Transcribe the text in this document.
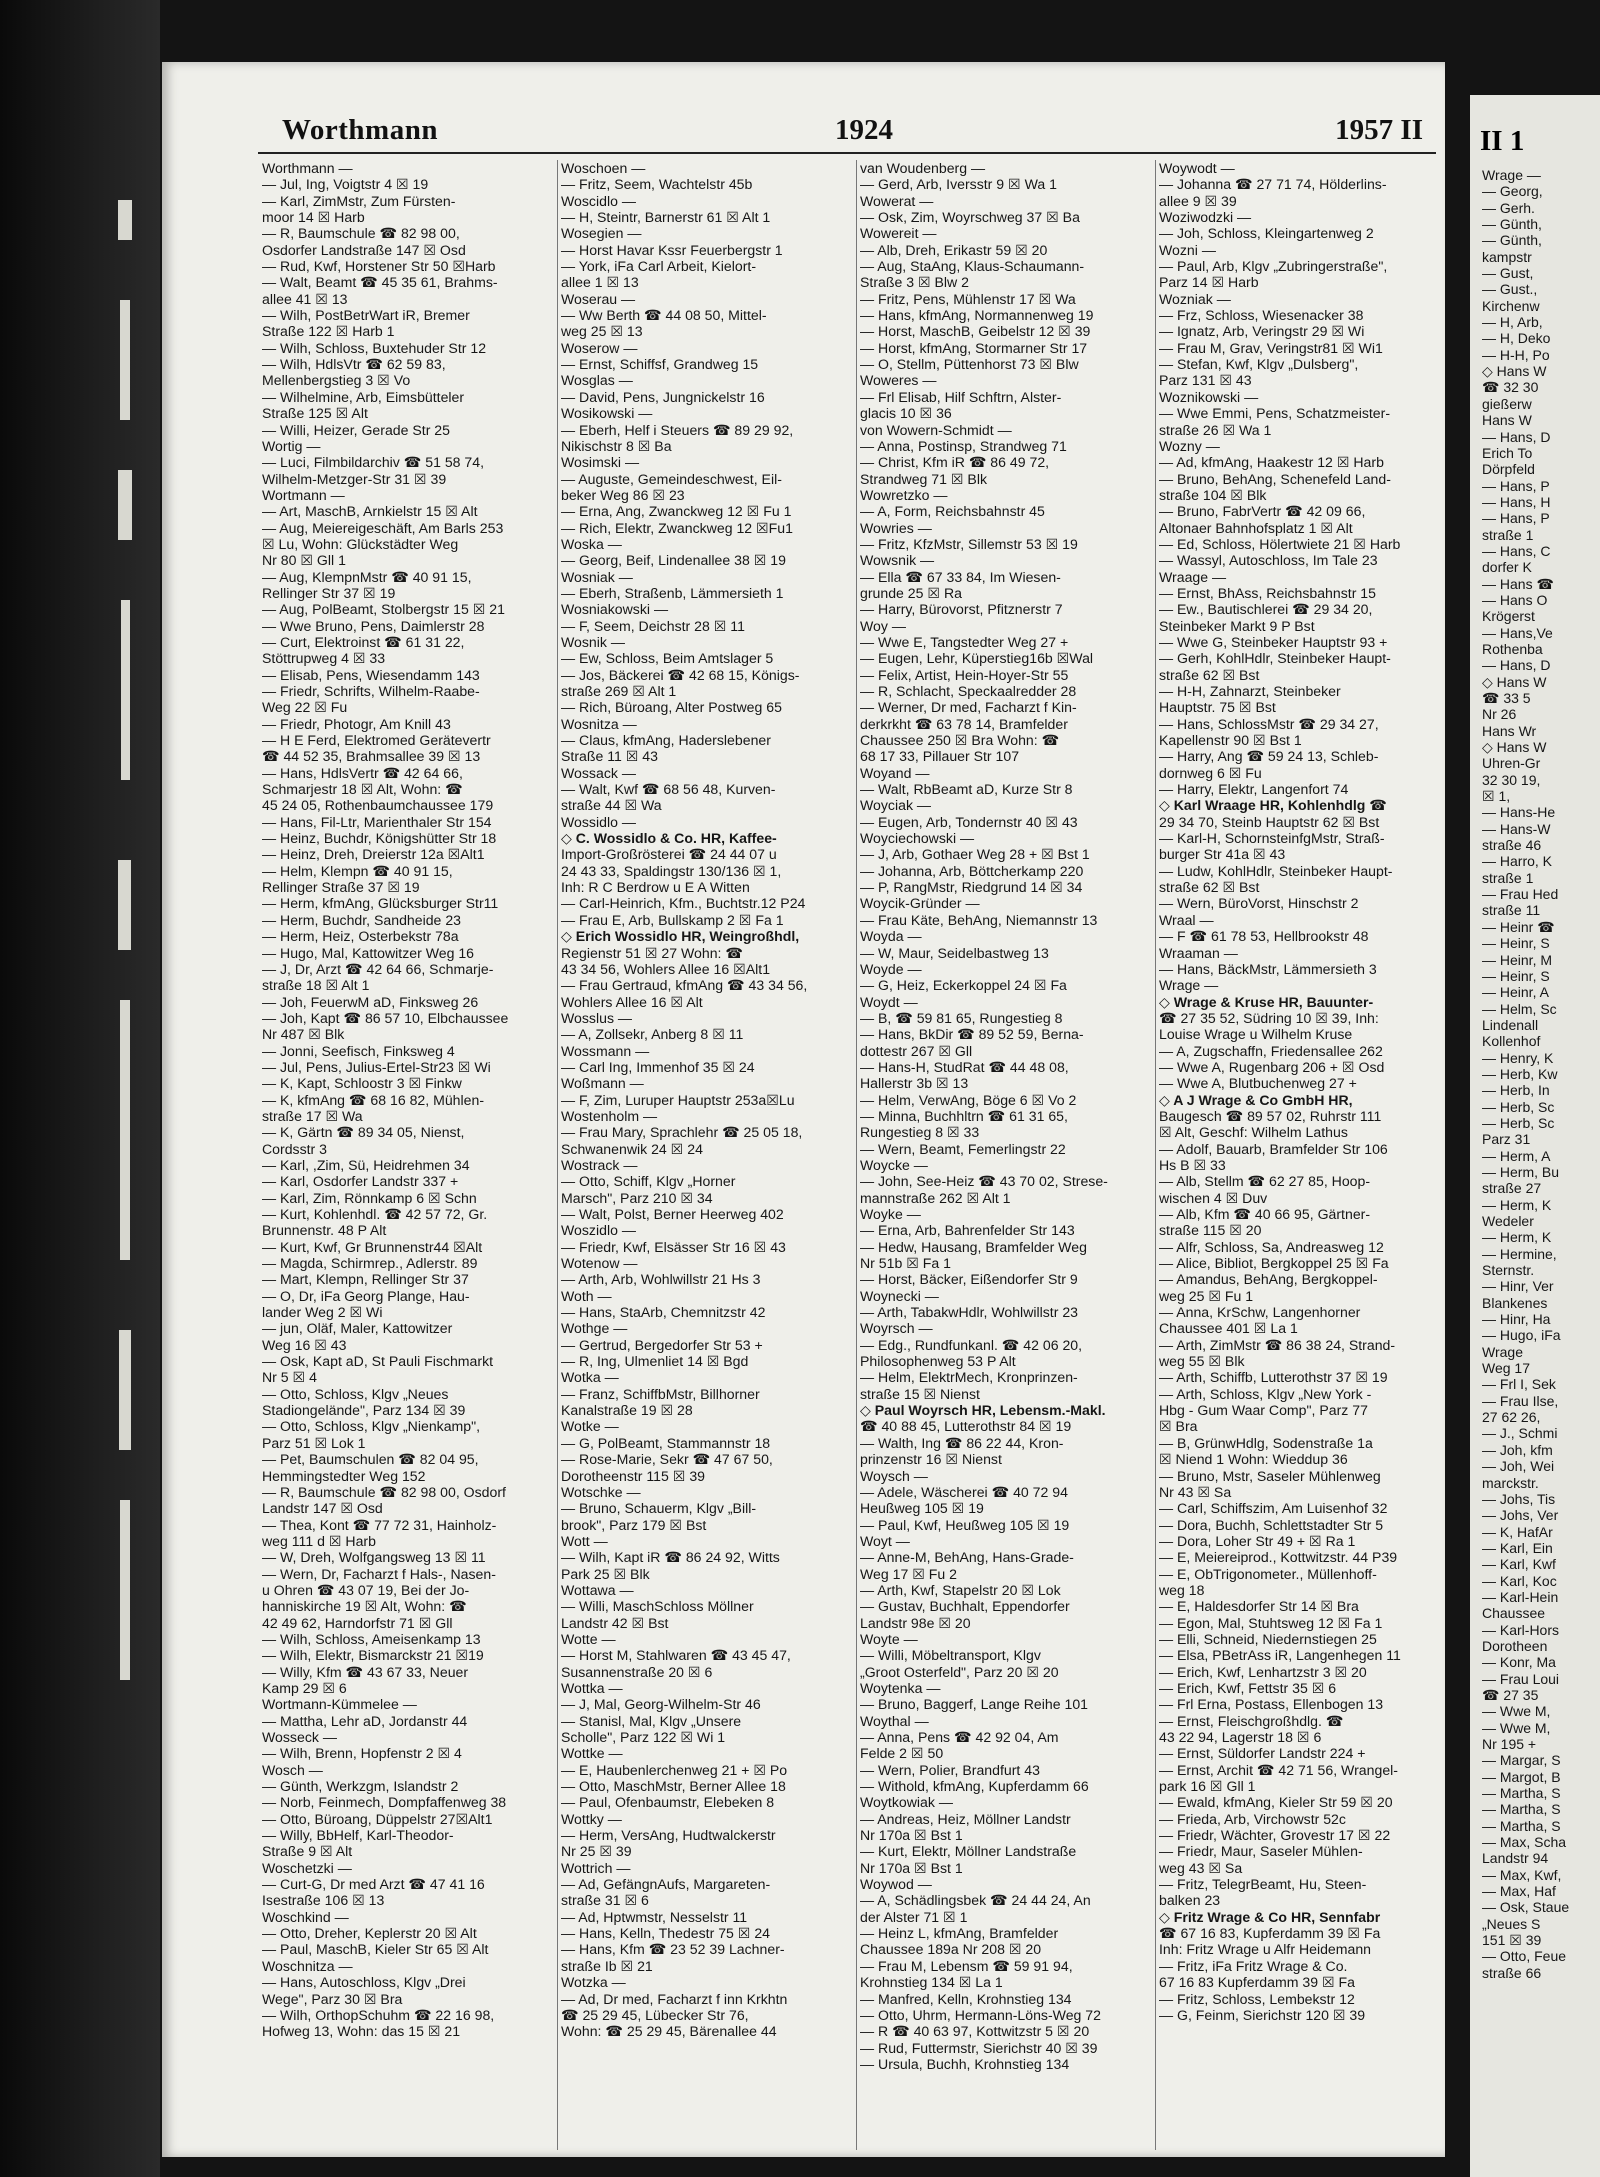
Worthmann	1924	1957 II
Worthmann —
— Jul, Ing, Voigtstr 4 ☒ 19
— Karl, ZimMstr, Zum Fürsten-
moor 14 ☒ Harb
— R, Baumschule ☎ 82 98 00,
Osdorfer Landstraße 147 ☒ Osd
— Rud, Kwf, Horstener Str 50 ☒Harb
— Walt, Beamt ☎ 45 35 61, Brahms-
allee 41 ☒ 13
— Wilh, PostBetrWart iR, Bremer
Straße 122 ☒ Harb 1
— Wilh, Schloss, Buxtehuder Str 12
— Wilh, HdlsVtr ☎ 62 59 83,
Mellenbergstieg 3 ☒ Vo
— Wilhelmine, Arb, Eimsbütteler
Straße 125 ☒ Alt
— Willi, Heizer, Gerade Str 25
Wortig —
— Luci, Filmbildarchiv ☎ 51 58 74,
Wilhelm-Metzger-Str 31 ☒ 39
Wortmann —
— Art, MaschB, Arnkielstr 15 ☒ Alt
— Aug, Meiereigeschäft, Am Barls 253
☒ Lu, Wohn: Glückstädter Weg
Nr 80 ☒ Gll 1
— Aug, KlempnMstr ☎ 40 91 15,
Rellinger Str 37 ☒ 19
— Aug, PolBeamt, Stolbergstr 15 ☒ 21
— Wwe Bruno, Pens, Daimlerstr 28
— Curt, Elektroinst ☎ 61 31 22,
Stöttrupweg 4 ☒ 33
— Elisab, Pens, Wiesendamm 143
— Friedr, Schrifts, Wilhelm-Raabe-
Weg 22 ☒ Fu
— Friedr, Photogr, Am Knill 43
— H E Ferd, Elektromed Gerätevertr
☎ 44 52 35, Brahmsallee 39 ☒ 13
— Hans, HdlsVertr ☎ 42 64 66,
Schmarjestr 18 ☒ Alt, Wohn: ☎
45 24 05, Rothenbaumchaussee 179
— Hans, Fil-Ltr, Marienthaler Str 154
— Heinz, Buchdr, Königshütter Str 18
— Heinz, Dreh, Dreierstr 12a ☒Alt1
— Helm, Klempn ☎ 40 91 15,
Rellinger Straße 37 ☒ 19
— Herm, kfmAng, Glücksburger Str11
— Herm, Buchdr, Sandheide 23
— Herm, Heiz, Osterbekstr 78a
— Hugo, Mal, Kattowitzer Weg 16
— J, Dr, Arzt ☎ 42 64 66, Schmarje-
straße 18 ☒ Alt 1
— Joh, FeuerwM aD, Finksweg 26
— Joh, Kapt ☎ 86 57 10, Elbchaussee
Nr 487 ☒ Blk
— Jonni, Seefisch, Finksweg 4
— Jul, Pens, Julius-Ertel-Str23 ☒ Wi
— K, Kapt, Schloostr 3 ☒ Finkw
— K, kfmAng ☎ 68 16 82, Mühlen-
straße 17 ☒ Wa
— K, Gärtn ☎ 89 34 05, Nienst,
Cordsstr 3
— Karl, ,Zim, Sü, Heidrehmen 34
— Karl, Osdorfer Landstr 337 +
— Karl, Zim, Rönnkamp 6 ☒ Schn
— Kurt, Kohlenhdl. ☎ 42 57 72, Gr.
Brunnenstr. 48 P Alt
— Kurt, Kwf, Gr Brunnenstr44 ☒Alt
— Magda, Schirmrep., Adlerstr. 89
— Mart, Klempn, Rellinger Str 37
— O, Dr, iFa Georg Plange, Hau-
lander Weg 2 ☒ Wi
— jun, Oläf, Maler, Kattowitzer
Weg 16 ☒ 43
— Osk, Kapt aD, St Pauli Fischmarkt
Nr 5 ☒ 4
— Otto, Schloss, Klgv „Neues
Stadiongelände", Parz 134 ☒ 39
— Otto, Schloss, Klgv „Nienkamp",
Parz 51 ☒ Lok 1
— Pet, Baumschulen ☎ 82 04 95,
Hemmingstedter Weg 152
— R, Baumschule ☎ 82 98 00, Osdorf
Landstr 147 ☒ Osd
— Thea, Kont ☎ 77 72 31, Hainholz-
weg 111 d ☒ Harb
— W, Dreh, Wolfgangsweg 13 ☒ 11
— Wern, Dr, Facharzt f Hals-, Nasen-
u Ohren ☎ 43 07 19, Bei der Jo-
hanniskirche 19 ☒ Alt, Wohn: ☎
42 49 62, Harndorfstr 71 ☒ Gll
— Wilh, Schloss, Ameisenkamp 13
— Wilh, Elektr, Bismarckstr 21 ☒19
— Willy, Kfm ☎ 43 67 33, Neuer
Kamp 29 ☒ 6
Wortmann-Kümmelee —
— Mattha, Lehr aD, Jordanstr 44
Wosseck —
— Wilh, Brenn, Hopfenstr 2 ☒ 4
Wosch —
— Günth, Werkzgm, Islandstr 2
— Norb, Feinmech, Dompfaffenweg 38
— Otto, Büroang, Düppelstr 27☒Alt1
— Willy, BbHelf, Karl-Theodor-
Straße 9 ☒ Alt
Woschetzki —
— Curt-G, Dr med Arzt ☎ 47 41 16
Isestraße 106 ☒ 13
Woschkind —
— Otto, Dreher, Keplerstr 20 ☒ Alt
— Paul, MaschB, Kieler Str 65 ☒ Alt
Woschnitza —
— Hans, Autoschloss, Klgv „Drei
Wege", Parz 30 ☒ Bra
— Wilh, OrthopSchuhm ☎ 22 16 98,
Hofweg 13, Wohn: das 15 ☒ 21
Woschoen —
— Fritz, Seem, Wachtelstr 45b
Woscidlo —
— H, Steintr, Barnerstr 61 ☒ Alt 1
Wosegien —
— Horst Havar Kssr Feuerbergstr 1
— York, iFa Carl Arbeit, Kielort-
allee 1 ☒ 13
Woserau —
— Ww Berth ☎ 44 08 50, Mittel-
weg 25 ☒ 13
Woserow —
— Ernst, Schiffsf, Grandweg 15
Wosglas —
— David, Pens, Jungnickelstr 16
Wosikowski —
— Eberh, Helf i Steuers ☎ 89 29 92,
Nikischstr 8 ☒ Ba
Wosimski —
— Auguste, Gemeindeschwest, Eil-
beker Weg 86 ☒ 23
— Erna, Ang, Zwanckweg 12 ☒ Fu 1
— Rich, Elektr, Zwanckweg 12 ☒Fu1
Woska —
— Georg, Beif, Lindenallee 38 ☒ 19
Wosniak —
— Eberh, Straßenb, Lämmersieth 1
Wosniakowski —
— F, Seem, Deichstr 28 ☒ 11
Wosnik —
— Ew, Schloss, Beim Amtslager 5
— Jos, Bäckerei ☎ 42 68 15, Königs-
straße 269 ☒ Alt 1
— Rich, Büroang, Alter Postweg 65
Wosnitza —
— Claus, kfmAng, Haderslebener
Straße 11 ☒ 43
Wossack —
— Walt, Kwf ☎ 68 56 48, Kurven-
straße 44 ☒ Wa
Wossidlo —
◇ C. Wossidlo & Co. HR, Kaffee-
Import-Großrösterei ☎ 24 44 07 u
24 43 33, Spaldingstr 130/136 ☒ 1,
Inh: R C Berdrow u E A Witten
— Carl-Heinrich, Kfm., Buchtstr.12 P24
— Frau E, Arb, Bullskamp 2 ☒ Fa 1
◇ Erich Wossidlo HR, Weingroßhdl,
Regienstr 51 ☒ 27 Wohn: ☎
43 34 56, Wohlers Allee 16 ☒Alt1
— Frau Gertraud, kfmAng ☎ 43 34 56,
Wohlers Allee 16 ☒ Alt
Wosslus —
— A, Zollsekr, Anberg 8 ☒ 11
Wossmann —
— Carl Ing, Immenhof 35 ☒ 24
Woßmann —
— F, Zim, Luruper Hauptstr 253a☒Lu
Wostenholm —
— Frau Mary, Sprachlehr ☎ 25 05 18,
Schwanenwik 24 ☒ 24
Wostrack —
— Otto, Schiff, Klgv „Horner
Marsch", Parz 210 ☒ 34
— Walt, Polst, Berner Heerweg 402
Woszidlo —
— Friedr, Kwf, Elsässer Str 16 ☒ 43
Wotenow —
— Arth, Arb, Wohlwillstr 21 Hs 3
Woth —
— Hans, StaArb, Chemnitzstr 42
Wothge —
— Gertrud, Bergedorfer Str 53 +
— R, Ing, Ulmenliet 14 ☒ Bgd
Wotka —
— Franz, SchiffbMstr, Billhorner
Kanalstraße 19 ☒ 28
Wotke —
— G, PolBeamt, Stammannstr 18
— Rose-Marie, Sekr ☎ 47 67 50,
Dorotheenstr 115 ☒ 39
Wotschke —
— Bruno, Schauerm, Klgv „Bill-
brook", Parz 179 ☒ Bst
Wott —
— Wilh, Kapt iR ☎ 86 24 92, Witts
Park 25 ☒ Blk
Wottawa —
— Willi, MaschSchloss Möllner
Landstr 42 ☒ Bst
Wotte —
— Horst M, Stahlwaren ☎ 43 45 47,
Susannenstraße 20 ☒ 6
Wottka —
— J, Mal, Georg-Wilhelm-Str 46
— Stanisl, Mal, Klgv „Unsere
Scholle", Parz 122 ☒ Wi 1
Wottke —
— E, Haubenlerchenweg 21 + ☒ Po
— Otto, MaschMstr, Berner Allee 18
— Paul, Ofenbaumstr, Elebeken 8
Wottky —
— Herm, VersAng, Hudtwalckerstr
Nr 25 ☒ 39
Wottrich —
— Ad, GefängnAufs, Margareten-
straße 31 ☒ 6
— Ad, Hptwmstr, Nesselstr 11
— Hans, Kelln, Thedestr 75 ☒ 24
— Hans, Kfm ☎ 23 52 39 Lachner-
straße Ib ☒ 21
Wotzka —
— Ad, Dr med, Facharzt f inn Krkhtn
☎ 25 29 45, Lübecker Str 76,
Wohn: ☎ 25 29 45, Bärenallee 44
van Woudenberg —
— Gerd, Arb, Iversstr 9 ☒ Wa 1
Wowerat —
— Osk, Zim, Woyrschweg 37 ☒ Ba
Wowereit —
— Alb, Dreh, Erikastr 59 ☒ 20
— Aug, StaAng, Klaus-Schaumann-
Straße 3 ☒ Blw 2
— Fritz, Pens, Mühlenstr 17 ☒ Wa
— Hans, kfmAng, Normannenweg 19
— Horst, MaschB, Geibelstr 12 ☒ 39
— Horst, kfmAng, Stormarner Str 17
— O, Stellm, Püttenhorst 73 ☒ Blw
Woweres —
— Frl Elisab, Hilf Schftrn, Alster-
glacis 10 ☒ 36
von Wowern-Schmidt —
— Anna, Postinsp, Strandweg 71
— Christ, Kfm iR ☎ 86 49 72,
Strandweg 71 ☒ Blk
Wowretzko —
— A, Form, Reichsbahnstr 45
Wowries —
— Fritz, KfzMstr, Sillemstr 53 ☒ 19
Wowsnik —
— Ella ☎ 67 33 84, Im Wiesen-
grunde 25 ☒ Ra
— Harry, Bürovorst, Pfitznerstr 7
Woy —
— Wwe E, Tangstedter Weg 27 +
— Eugen, Lehr, Küperstieg16b ☒Wal
— Felix, Artist, Hein-Hoyer-Str 55
— R, Schlacht, Speckaalredder 28
— Werner, Dr med, Facharzt f Kin-
derkrkht ☎ 63 78 14, Bramfelder
Chaussee 250 ☒ Bra Wohn: ☎
68 17 33, Pillauer Str 107
Woyand —
— Walt, RbBeamt aD, Kurze Str 8
Woyciak —
— Eugen, Arb, Tondernstr 40 ☒ 43
Woyciechowski —
— J, Arb, Gothaer Weg 28 + ☒ Bst 1
— Johanna, Arb, Böttcherkamp 220
— P, RangMstr, Riedgrund 14 ☒ 34
Woycik-Gründer —
— Frau Käte, BehAng, Niemannstr 13
Woyda —
— W, Maur, Seidelbastweg 13
Woyde —
— G, Heiz, Eckerkoppel 24 ☒ Fa
Woydt —
— B, ☎ 59 81 65, Rungestieg 8
— Hans, BkDir ☎ 89 52 59, Berna-
dottestr 267 ☒ Gll
— Hans-H, StudRat ☎ 44 48 08,
Hallerstr 3b ☒ 13
— Helm, VerwAng, Böge 6 ☒ Vo 2
— Minna, Buchhltrn ☎ 61 31 65,
Rungestieg 8 ☒ 33
— Wern, Beamt, Femerlingstr 22
Woycke —
— John, See-Heiz ☎ 43 70 02, Strese-
mannstraße 262 ☒ Alt 1
Woyke —
— Erna, Arb, Bahrenfelder Str 143
— Hedw, Hausang, Bramfelder Weg
Nr 51b ☒ Fa 1
— Horst, Bäcker, Eißendorfer Str 9
Woynecki —
— Arth, TabakwHdlr, Wohlwillstr 23
Woyrsch —
— Edg., Rundfunkanl. ☎ 42 06 20,
Philosophenweg 53 P Alt
— Helm, ElektrMech, Kronprinzen-
straße 15 ☒ Nienst
◇ Paul Woyrsch HR, Lebensm.-Makl.
☎ 40 88 45, Lutterothstr 84 ☒ 19
— Walth, Ing ☎ 86 22 44, Kron-
prinzenstr 16 ☒ Nienst
Woysch —
— Adele, Wäscherei ☎ 40 72 94
Heußweg 105 ☒ 19
— Paul, Kwf, Heußweg 105 ☒ 19
Woyt —
— Anne-M, BehAng, Hans-Grade-
Weg 17 ☒ Fu 2
— Arth, Kwf, Stapelstr 20 ☒ Lok
— Gustav, Buchhalt, Eppendorfer
Landstr 98e ☒ 20
Woyte —
— Willi, Möbeltransport, Klgv
„Groot Osterfeld", Parz 20 ☒ 20
Woytenka —
— Bruno, Baggerf, Lange Reihe 101
Woythal —
— Anna, Pens ☎ 42 92 04, Am
Felde 2 ☒ 50
— Wern, Polier, Brandfurt 43
— Withold, kfmAng, Kupferdamm 66
Woytkowiak —
— Andreas, Heiz, Möllner Landstr
Nr 170a ☒ Bst 1
— Kurt, Elektr, Möllner Landstraße
Nr 170a ☒ Bst 1
Woywod —
— A, Schädlingsbek ☎ 24 44 24, An
der Alster 71 ☒ 1
— Heinz L, kfmAng, Bramfelder
Chaussee 189a Nr 208 ☒ 20
— Frau M, Lebensm ☎ 59 91 94,
Krohnstieg 134 ☒ La 1
— Manfred, Kelln, Krohnstieg 134
— Otto, Uhrm, Hermann-Löns-Weg 72
— R ☎ 40 63 97, Kottwitzstr 5 ☒ 20
— Rud, Futtermstr, Sierichstr 40 ☒ 39
— Ursula, Buchh, Krohnstieg 134
Woywodt —
— Johanna ☎ 27 71 74, Hölderlins-
allee 9 ☒ 39
Woziwodzki —
— Joh, Schloss, Kleingartenweg 2
Wozni —
— Paul, Arb, Klgv „Zubringerstraße",
Parz 14 ☒ Harb
Wozniak —
— Frz, Schloss, Wiesenacker 38
— Ignatz, Arb, Veringstr 29 ☒ Wi
— Frau M, Grav, Veringstr81 ☒ Wi1
— Stefan, Kwf, Klgv „Dulsberg",
Parz 131 ☒ 43
Woznikowski —
— Wwe Emmi, Pens, Schatzmeister-
straße 26 ☒ Wa 1
Wozny —
— Ad, kfmAng, Haakestr 12 ☒ Harb
— Bruno, BehAng, Schenefeld Land-
straße 104 ☒ Blk
— Bruno, FabrVertr ☎ 42 09 66,
Altonaer Bahnhofsplatz 1 ☒ Alt
— Ed, Schloss, Hölertwiete 21 ☒ Harb
— Wassyl, Autoschloss, Im Tale 23
Wraage —
— Ernst, BhAss, Reichsbahnstr 15
— Ew., Bautischlerei ☎ 29 34 20,
Steinbeker Markt 9 P Bst
— Wwe G, Steinbeker Hauptstr 93 +
— Gerh, KohlHdlr, Steinbeker Haupt-
straße 62 ☒ Bst
— H-H, Zahnarzt, Steinbeker
Hauptstr. 75 ☒ Bst
— Hans, SchlossMstr ☎ 29 34 27,
Kapellenstr 90 ☒ Bst 1
— Harry, Ang ☎ 59 24 13, Schleb-
dornweg 6 ☒ Fu
— Harry, Elektr, Langenfort 74
◇ Karl Wraage HR, Kohlenhdlg ☎
29 34 70, Steinb Hauptstr 62 ☒ Bst
— Karl-H, SchornsteinfgMstr, Straß-
burger Str 41a ☒ 43
— Ludw, KohlHdlr, Steinbeker Haupt-
straße 62 ☒ Bst
— Wern, BüroVorst, Hinschstr 2
Wraal —
— F ☎ 61 78 53, Hellbrookstr 48
Wraaman —
— Hans, BäckMstr, Lämmersieth 3
Wrage —
◇ Wrage & Kruse HR, Bauunter-
☎ 27 35 52, Südring 10 ☒ 39, Inh:
Louise Wrage u Wilhelm Kruse
— A, Zugschaffn, Friedensallee 262
— Wwe A, Rugenbarg 206 + ☒ Osd
— Wwe A, Blutbuchenweg 27 +
◇ A J Wrage & Co GmbH HR,
Baugesch ☎ 89 57 02, Ruhrstr 111
☒ Alt, Geschf: Wilhelm Lathus
— Adolf, Bauarb, Bramfelder Str 106
Hs B ☒ 33
— Alb, Stellm ☎ 62 27 85, Hoop-
wischen 4 ☒ Duv
— Alb, Kfm ☎ 40 66 95, Gärtner-
straße 115 ☒ 20
— Alfr, Schloss, Sa, Andreasweg 12
— Alice, Bibliot, Bergkoppel 25 ☒ Fa
— Amandus, BehAng, Bergkoppel-
weg 25 ☒ Fu 1
— Anna, KrSchw, Langenhorner
Chaussee 401 ☒ La 1
— Arth, ZimMstr ☎ 86 38 24, Strand-
weg 55 ☒ Blk
— Arth, Schiffb, Lutterothstr 37 ☒ 19
— Arth, Schloss, Klgv „New York -
Hbg - Gum Waar Comp", Parz 77
☒ Bra
— B, GrünwHdlg, Sodenstraße 1a
☒ Niend 1 Wohn: Wieddup 36
— Bruno, Mstr, Saseler Mühlenweg
Nr 43 ☒ Sa
— Carl, Schiffszim, Am Luisenhof 32
— Dora, Buchh, Schlettstadter Str 5
— Dora, Loher Str 49 + ☒ Ra 1
— E, Meiereiprod., Kottwitzstr. 44 P39
— E, ObTrigonometer., Müllenhoff-
weg 18
— E, Haldesdorfer Str 14 ☒ Bra
— Egon, Mal, Stuhtsweg 12 ☒ Fa 1
— Elli, Schneid, Niedernstiegen 25
— Elsa, PBetrAss iR, Langenhegen 11
— Erich, Kwf, Lenhartzstr 3 ☒ 20
— Erich, Kwf, Fettstr 35 ☒ 6
— Frl Erna, Postass, Ellenbogen 13
— Ernst, Fleischgroßhdlg. ☎
43 22 94, Lagerstr 18 ☒ 6
— Ernst, Süldorfer Landstr 224 +
— Ernst, Archit ☎ 42 71 56, Wrangel-
park 16 ☒ Gll 1
— Ewald, kfmAng, Kieler Str 59 ☒ 20
— Frieda, Arb, Virchowstr 52c
— Friedr, Wächter, Grovestr 17 ☒ 22
— Friedr, Maur, Saseler Mühlen-
weg 43 ☒ Sa
— Fritz, TelegrBeamt, Hu, Steen-
balken 23
◇ Fritz Wrage & Co HR, Sennfabr
☎ 67 16 83, Kupferdamm 39 ☒ Fa
Inh: Fritz Wrage u Alfr Heidemann
— Fritz, iFa Fritz Wrage & Co.
67 16 83 Kupferdamm 39 ☒ Fa
— Fritz, Schloss, Lembekstr 12
— G, Feinm, Sierichstr 120 ☒ 39
II 1
Wrage —
— Georg,
— Gerh.
— Günth,
— Günth,
kampstr
— Gust,
— Gust.,
Kirchenw
— H, Arb,
— H, Deko
— H-H, Po
◇ Hans W
☎ 32 30
gießerw
Hans W
— Hans, D
Erich To
Dörpfeld
— Hans, P
— Hans, H
— Hans, P
straße 1
— Hans, C
dorfer K
— Hans ☎
— Hans O
Krögerst
— Hans,Ve
Rothenba
— Hans, D
◇ Hans W
☎ 33 5
Nr 26
Hans Wr
◇ Hans W
Uhren-Gr
32 30 19,
☒ 1,
— Hans-He
— Hans-W
straße 46
— Harro, K
straße 1
— Frau Hed
straße 11
— Heinr ☎
— Heinr, S
— Heinr, M
— Heinr, S
— Heinr, A
— Helm, Sc
Lindenall
Kollenhof
— Henry, K
— Herb, Kw
— Herb, In
— Herb, Sc
— Herb, Sc
Parz 31
— Herm, A
— Herm, Bu
straße 27
— Herm, K
Wedeler
— Herm, K
— Hermine,
Sternstr.
— Hinr, Ver
Blankenes
— Hinr, Ha
— Hugo, iFa
Wrage
Weg 17
— Frl I, Sek
— Frau Ilse,
27 62 26,
— J., Schmi
— Joh, kfm
— Joh, Wei
marckstr.
— Johs, Tis
— Johs, Ver
— K, HafAr
— Karl, Ein
— Karl, Kwf
— Karl, Koc
— Karl-Hein
Chaussee
— Karl-Hors
Dorotheen
— Konr, Ma
— Frau Loui
☎ 27 35
— Wwe M,
— Wwe M,
Nr 195 +
— Margar, S
— Margot, B
— Martha, S
— Martha, S
— Martha, S
— Max, Scha
Landstr 94
— Max, Kwf,
— Max, Haf
— Osk, Staue
„Neues S
151 ☒ 39
— Otto, Feue
straße 66
